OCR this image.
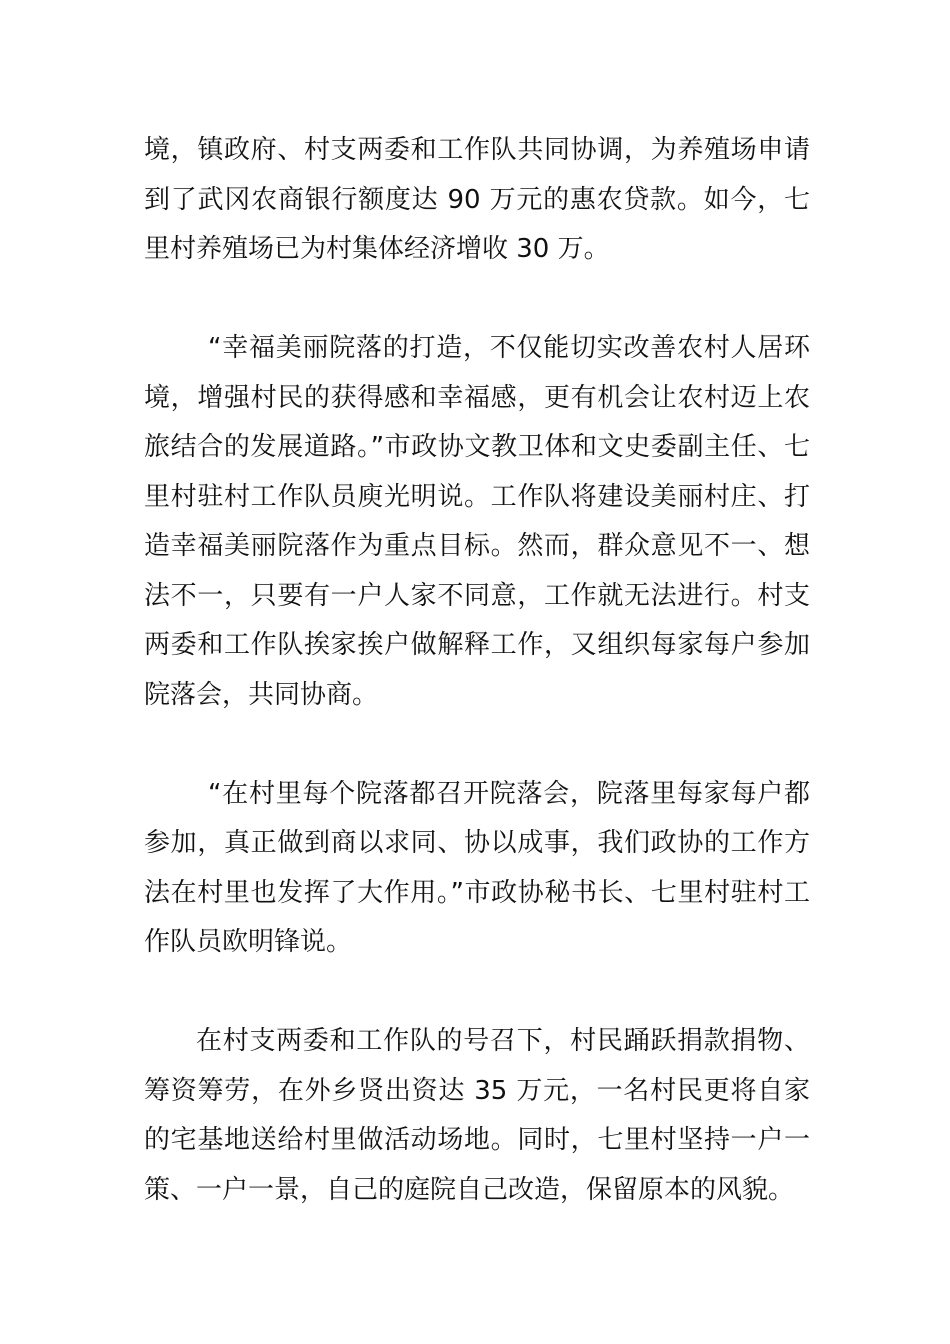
境，镇政府、村支两委和工作队共同协调，为养殖场申请到了武冈农商银行额度达 90 万元的惠农贷款。如今，七里村养殖场已为村集体经济增收 30 万。

“幸福美丽院落的打造，不仅能切实改善农村人居环境，增强村民的获得感和幸福感，更有机会让农村迈上农旅结合的发展道路。”市政协文教卫体和文史委副主任、七里村驻村工作队员庾光明说。工作队将建设美丽村庄、打造幸福美丽院落作为重点目标。然而，群众意见不一、想法不一，只要有一户人家不同意，工作就无法进行。村支两委和工作队挨家挨户做解释工作，又组织每家每户参加院落会，共同协商。

“在村里每个院落都召开院落会，院落里每家每户都参加，真正做到商以求同、协以成事，我们政协的工作方法在村里也发挥了大作用。”市政协秘书长、七里村驻村工作队员欧明锋说。

在村支两委和工作队的号召下，村民踊跃捐款捐物、筹资筹劳，在外乡贤出资达 35 万元，一名村民更将自家的宅基地送给村里做活动场地。同时，七里村坚持一户一策、一户一景，自己的庭院自己改造，保留原本的风貌。
